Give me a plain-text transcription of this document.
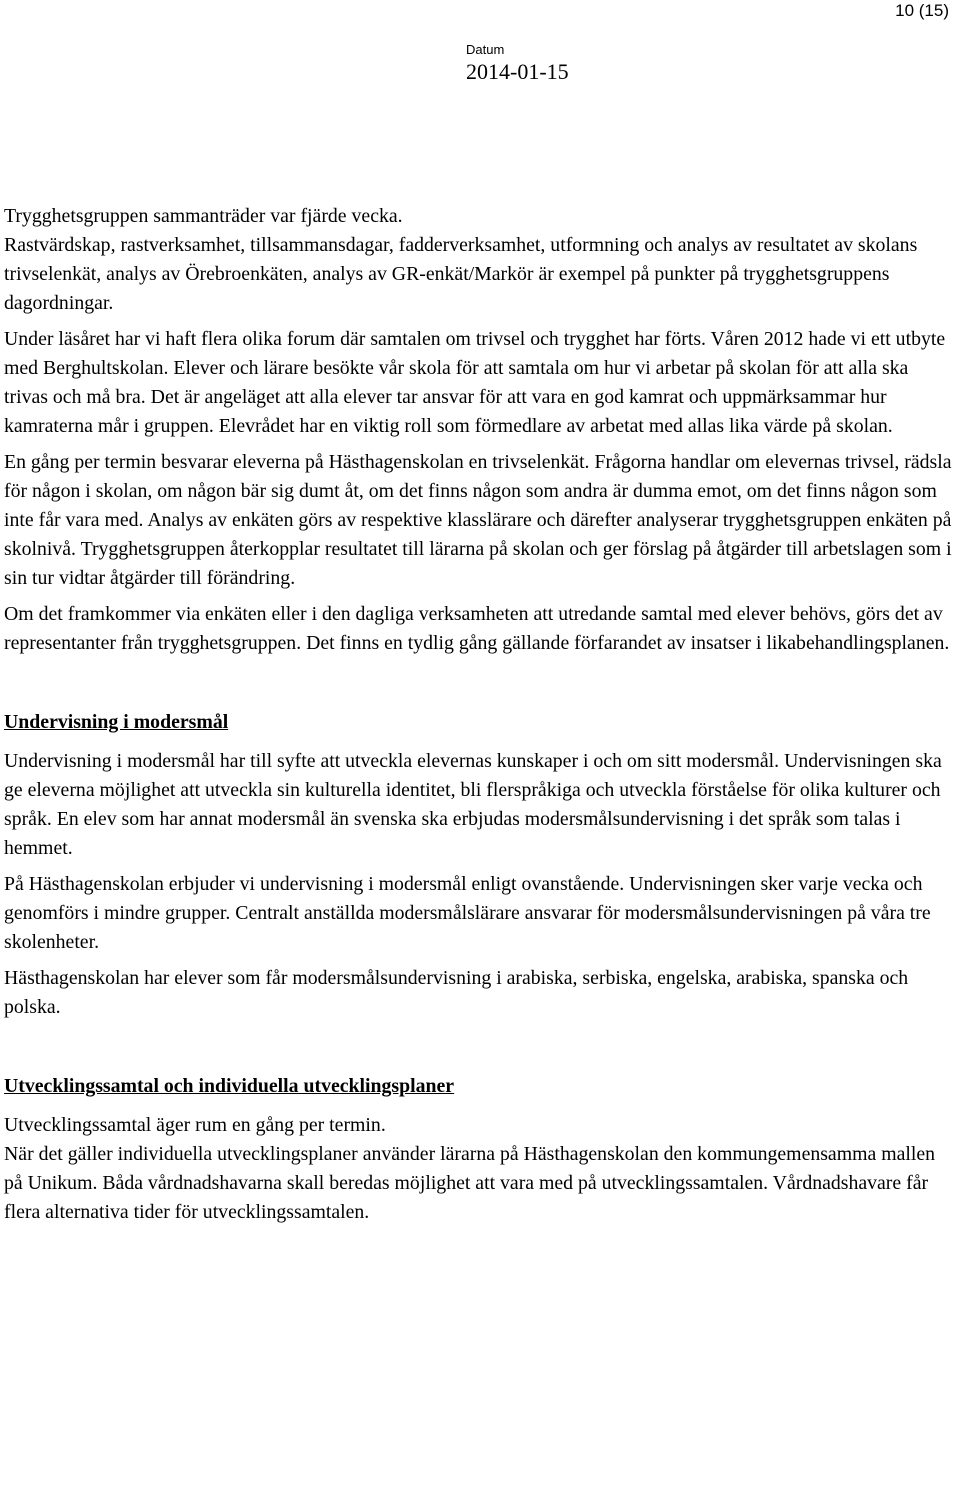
10 (15)
Datum
2014-01-15

Trygghetsgruppen sammanträder var fjärde vecka.

Rastvärdskap, rastverksamhet, tillsammansdagar, fadderverksamhet, utformning och analys av resultatet av skolans trivselenkät, analys av Örebroenkäten, analys av GR-enkät/Markör är exempel på punkter på trygghetsgruppens dagordningar.

Under läsåret har vi haft flera olika forum där samtalen om trivsel och trygghet har förts. Våren 2012 hade vi ett utbyte med Berghultskolan. Elever och lärare besökte vår skola för att samtala om hur vi arbetar på skolan för att alla ska trivas och må bra. Det är angeläget att alla elever tar ansvar för att vara en god kamrat och uppmärksammar hur kamraterna mår i gruppen. Elevrådet har en viktig roll som förmedlare av arbetat med allas lika värde på skolan.

En gång per termin besvarar eleverna på Hästhagenskolan en trivselenkät. Frågorna handlar om elevernas trivsel, rädsla för någon i skolan, om någon bär sig dumt åt, om det finns någon som andra är dumma emot, om det finns någon som inte får vara med. Analys av enkäten görs av respektive klasslärare och därefter analyserar trygghetsgruppen enkäten på skolnivå. Trygghetsgruppen återkopplar resultatet till lärarna på skolan och ger förslag på åtgärder till arbetslagen som i sin tur vidtar åtgärder till förändring.

Om det framkommer via enkäten eller i den dagliga verksamheten att utredande samtal med elever behövs, görs det av representanter från trygghetsgruppen. Det finns en tydlig gång gällande förfarandet av insatser i likabehandlingsplanen.

Undervisning i modersmål

Undervisning i modersmål har till syfte att utveckla elevernas kunskaper i och om sitt modersmål. Undervisningen ska ge eleverna möjlighet att utveckla sin kulturella identitet, bli flerspråkiga och utveckla förståelse för olika kulturer och språk. En elev som har annat modersmål än svenska ska erbjudas modersmålsundervisning i det språk som talas i hemmet.

På Hästhagenskolan erbjuder vi undervisning i modersmål enligt ovanstående. Undervisningen sker varje vecka och genomförs i mindre grupper. Centralt anställda modersmålslärare ansvarar för modersmålsundervisningen på våra tre skolenheter.

Hästhagenskolan har elever som får modersmålsundervisning i arabiska, serbiska, engelska, arabiska, spanska och polska.

Utvecklingssamtal och individuella utvecklingsplaner

Utvecklingssamtal äger rum en gång per termin.

När det gäller individuella utvecklingsplaner använder lärarna på Hästhagenskolan den kommungemensamma mallen på Unikum. Båda vårdnadshavarna skall beredas möjlighet att vara med på utvecklingssamtalen. Vårdnadshavare får flera alternativa tider för utvecklingssamtalen.
